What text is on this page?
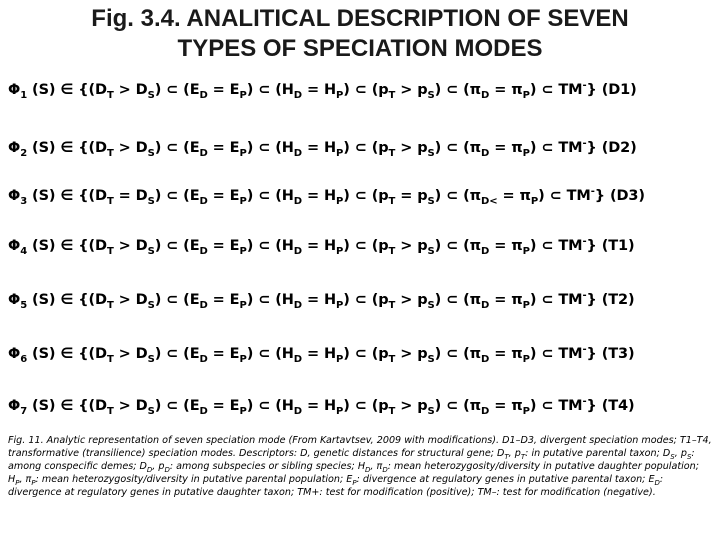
Fig. 3.4. ANALITICAL DESCRIPTION OF SEVEN
TYPES OF SPECIATION MODES
$\Phi_1$ (S) ∈ {$(D_T > D_S)$ ⊂ $(E_D = E_P)$ ⊂ $(H_D = H_P)$ ⊂ $(p_T > p_S)$ ⊂ $(\pi_D = \pi_P)$ ⊂ TM-} (D1)
$\Phi_2$ (S) ∈ {$(D_T > D_S)$ ⊂ $(E_D = E_P)$ ⊂ $(H_D = H_P)$ ⊂ $(p_T > p_S)$ ⊂ $(\pi_D = \pi_P)$ ⊂ TM-} (D2)
$\Phi_3$ (S) ∈ {$(D_T = D_S)$ ⊂ $(E_D = E_P)$ ⊂ $(H_D = H_P)$ ⊂ $(p_T = p_S)$ ⊂ $(\pi_{D<} = \pi_P)$ ⊂ TM-} (D3)
$\Phi_4$ (S) ∈ {$(D_T > D_S)$ ⊂ $(E_D = E_P)$ ⊂ $(H_D = H_P)$ ⊂ $(p_T > p_S)$ ⊂ $(\pi_D = \pi_P)$ ⊂ TM-} (T1)
$\Phi_5$ (S) ∈ {$(D_T > D_S)$ ⊂ $(E_D = E_P)$ ⊂ $(H_D = H_P)$ ⊂ $(p_T > p_S)$ ⊂ $(\pi_D = \pi_P)$ ⊂ TM-} (T2)
$\Phi_6$ (S) ∈ {$(D_T > D_S)$ ⊂ $(E_D = E_P)$ ⊂ $(H_D = H_P)$ ⊂ $(p_T > p_S)$ ⊂ $(\pi_D = \pi_P)$ ⊂ TM-} (T3)
$\Phi_7$ (S) ∈ {$(D_T > D_S)$ ⊂ $(E_D = E_P)$ ⊂ $(H_D = H_P)$ ⊂ $(p_T > p_S)$ ⊂ $(\pi_D = \pi_P)$ ⊂ TM-} (T4)
Fig. 11. Analytic representation of seven speciation mode (From Kartavtsev, 2009 with modifications). D1–D3, divergent speciation modes; T1–T4, transformative (transilience) speciation modes. Descriptors: D, genetic distances for structural gene; $D_T$, $p_T$: in putative parental taxon; $D_S$, $p_S$: among conspecific demes; $D_D$, $p_D$: among subspecies or sibling species; $H_D$, $\pi_D$: mean heterozygosity/diversity in putative daughter population; $H_P$, $\pi_P$: mean heterozygosity/diversity in putative parental population; $E_P$: divergence at regulatory genes in putative parental taxon; $E_D$: divergence at regulatory genes in putative daughter taxon; TM+: test for modification (positive); TM–: test for modification (negative).
